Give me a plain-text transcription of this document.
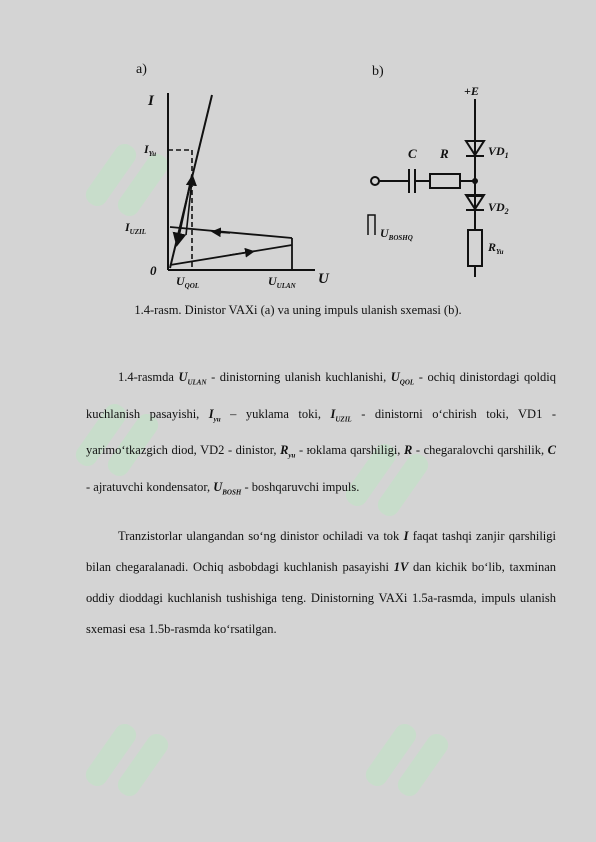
a)
I
U
0
$I_{Yu}$
$I_{UZIL}$
$U_{QOL}$	$U_{ULAN}$
b)
+E
$VD_1$
$VD_2$
$R_{Yu}$
C R
$U_{BOSHQ}$
1.4-rasm. Dinistor VAXi (a) va uning impuls ulanish sxemasi (b).
1.4-rasmda $U_{ULAN}$ - dinistorning ulanish kuchlanishi, $U_{QOL}$ - ochiq dinistordagi qoldiq kuchlanish pasayishi, $I_{yu}$ – yuklama toki, $I_{UZIL}$ - dinistorni o‘chirish toki, VD1 - yarimo‘tkazgich diod, VD2 - dinistor, $R_{yu}$ - юklama qarshiligi, R - chegaralovchi qarshilik, C - ajratuvchi kondensator, $U_{BOSH}$ - boshqaruvchi impuls.
Tranzistorlar ulangandan so‘ng dinistor ochiladi va tok I faqat tashqi zanjir qarshiligi bilan chegaralanadi. Ochiq asbobdagi kuchlanish pasayishi 1V dan kichik bo‘lib, taxminan oddiy dioddagi kuchlanish tushishiga teng. Dinistorning VAXi 1.5a-rasmda, impuls ulanish sxemasi esa 1.5b-rasmda ko‘rsatilgan.
